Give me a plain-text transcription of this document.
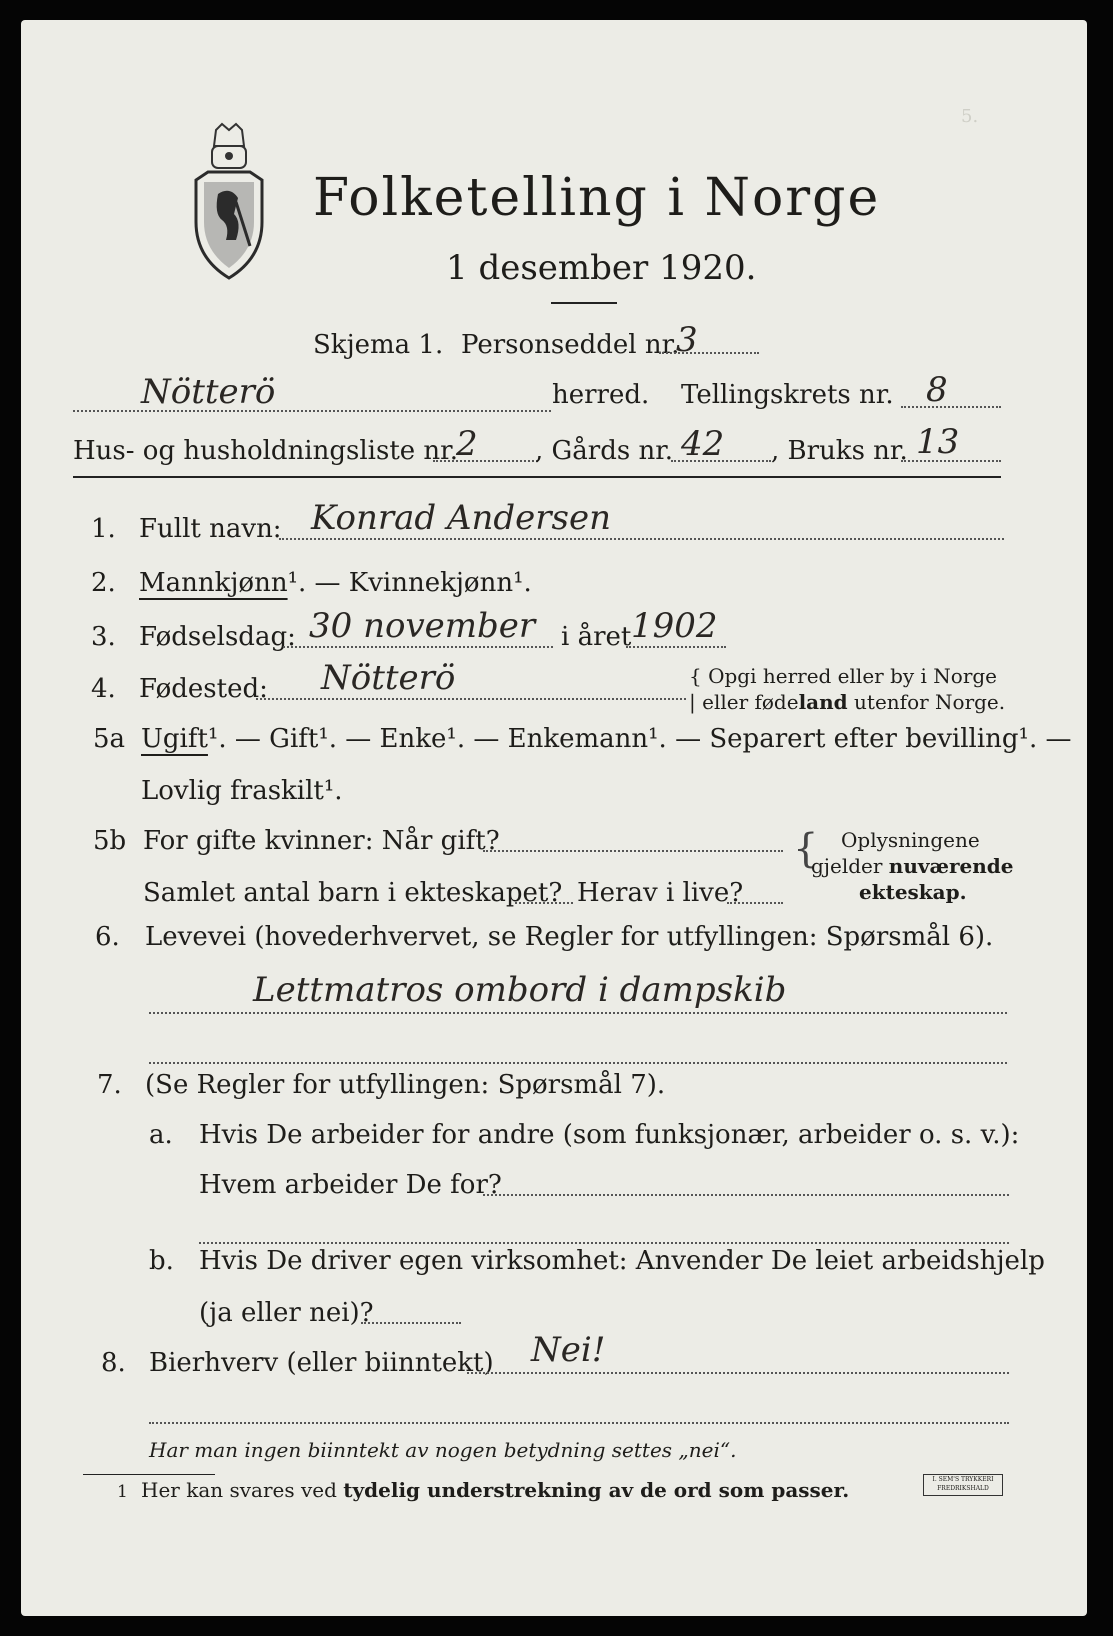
5.
Folketelling i Norge
1 desember 1920.
Skjema 1. Personseddel nr.
3
Nötterö	herred. Tellingskrets nr. 8
Hus- og husholdningsliste nr.
2 , Gårds nr. 42 , Bruks nr. 13
1. Fullt navn: Konrad Andersen
2. Mannkjønn¹. — Kvinnekjønn¹.
3. Fødselsdag: 30 november i året 1902
4. Fødested: Nötterö	{ Opgi herred eller by i Norge
| eller fødeland utenfor Norge.
5a Ugift¹. — Gift¹. — Enke¹. — Enkemann¹. — Separert efter bevilling¹. —
Lovlig fraskilt¹.
5b For gifte kvinner: Når gift?
Samlet antal barn i ekteskapet? Herav i live?
{ Oplysningene
gjelder nuværende
ekteskap.
6. Levevei (hovederhvervet, se Regler for utfyllingen: Spørsmål 6).
Lettmatros ombord i dampskib
7. (Se Regler for utfyllingen: Spørsmål 7).
a. Hvis De arbeider for andre (som funksjonær, arbeider o. s. v.):
Hvem arbeider De for?
b. Hvis De driver egen virksomhet: Anvender De leiet arbeidshjelp
(ja eller nei)?
8. Bierhverv (eller biinntekt) Nei!
Har man ingen biinntekt av nogen betydning settes „nei“.
1 Her kan svares ved tydelig understrekning av de ord som passer.	I. SEM'S TRYKKERI
FREDRIKSHALD
